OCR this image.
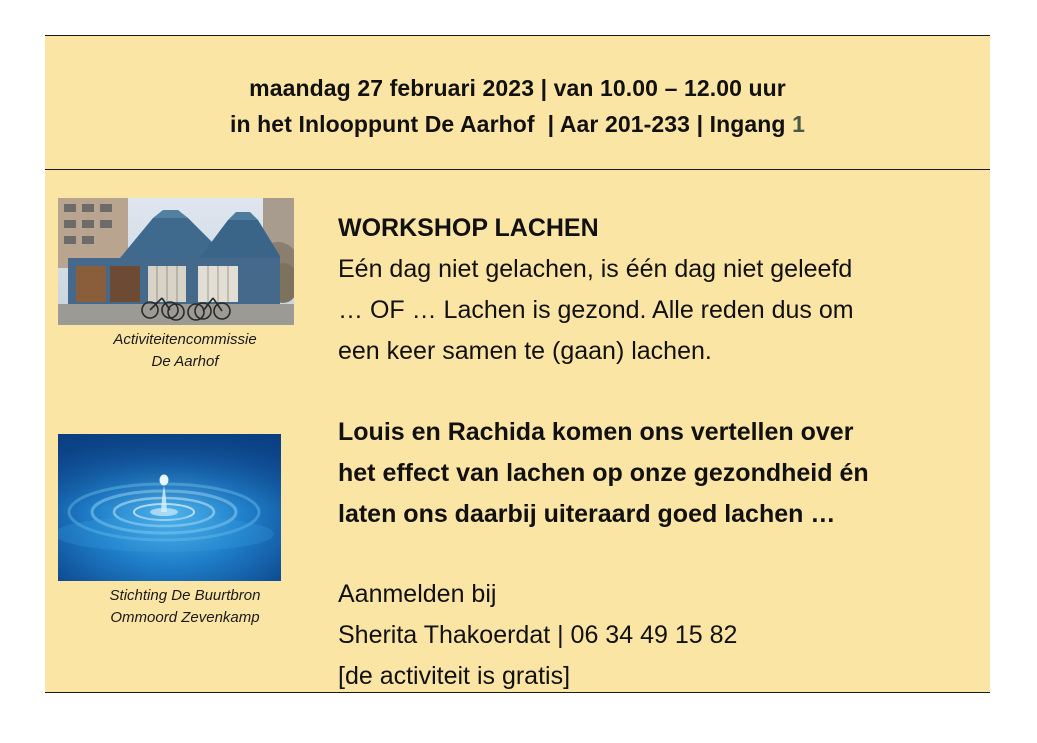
maandag 27 februari 2023 | van 10.00 – 12.00 uur
in het Inlooppunt De Aarhof  | Aar 201-233 | Ingang 1
Activiteitencommissie
De Aarhof
Stichting De Buurtbron
Ommoord Zevenkamp
WORKSHOP LACHEN
Eén dag niet gelachen, is één dag niet geleefd
… OF … Lachen is gezond. Alle reden dus om
een keer samen te (gaan) lachen.
Louis en Rachida komen ons vertellen over
het effect van lachen op onze gezondheid én
laten ons daarbij uiteraard goed lachen …
Aanmelden bij
Sherita Thakoerdat | 06 34 49 15 82
[de activiteit is gratis]
